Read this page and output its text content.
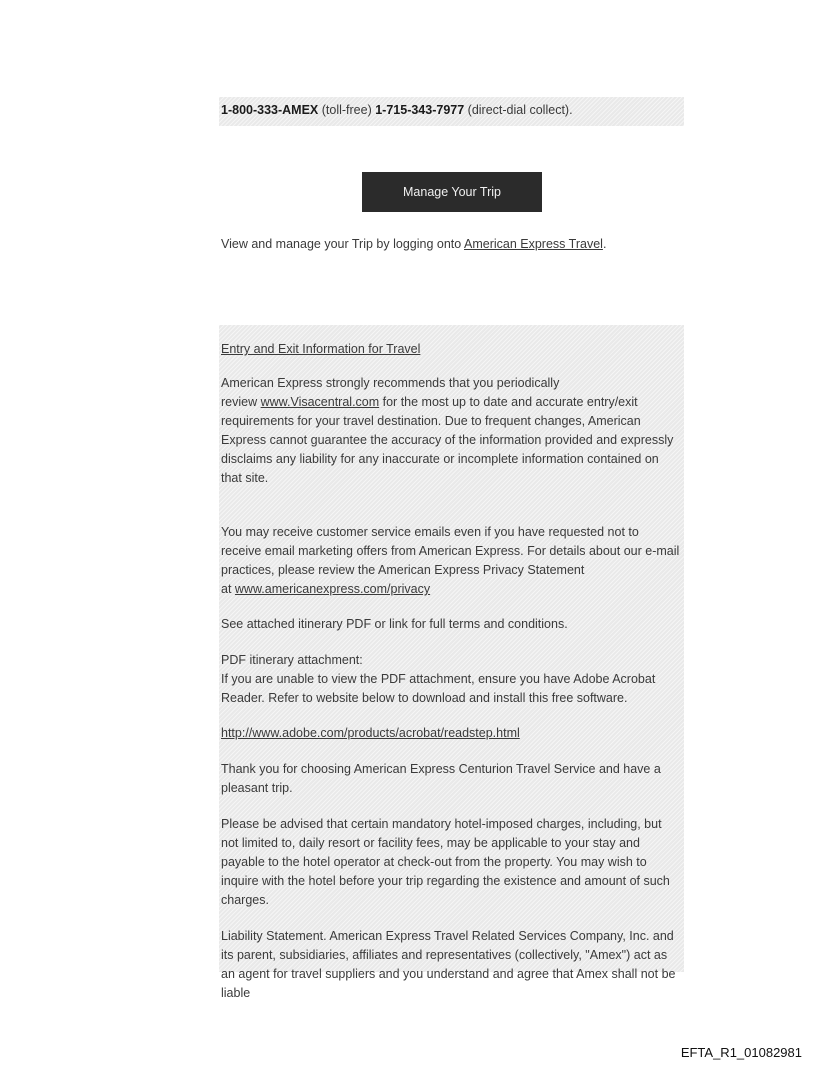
1-800-333-AMEX (toll-free) 1-715-343-7977 (direct-dial collect).
Manage Your Trip
View and manage your Trip by logging onto American Express Travel.

Entry and Exit Information for Travel

American Express strongly recommends that you periodically
review www.Visacentral.com for the most up to date and accurate entry/exit requirements for your travel destination. Due to frequent changes, American Express cannot guarantee the accuracy of the information provided and expressly disclaims any liability for any inaccurate or incomplete information contained on that site.

You may receive customer service emails even if you have requested not to receive email marketing offers from American Express. For details about our e-mail practices, please review the American Express Privacy Statement
at www.americanexpress.com/privacy

See attached itinerary PDF or link for full terms and conditions.

PDF itinerary attachment:
If you are unable to view the PDF attachment, ensure you have Adobe Acrobat Reader. Refer to website below to download and install this free software.

http://www.adobe.com/products/acrobat/readstep.html

Thank you for choosing American Express Centurion Travel Service and have a pleasant trip.

Please be advised that certain mandatory hotel-imposed charges, including, but not limited to, daily resort or facility fees, may be applicable to your stay and payable to the hotel operator at check-out from the property. You may wish to inquire with the hotel before your trip regarding the existence and amount of such charges.

Liability Statement. American Express Travel Related Services Company, Inc. and its parent, subsidiaries, affiliates and representatives (collectively, "Amex") act as an agent for travel suppliers and you understand and agree that Amex shall not be liable

EFTA_R1_01082981
